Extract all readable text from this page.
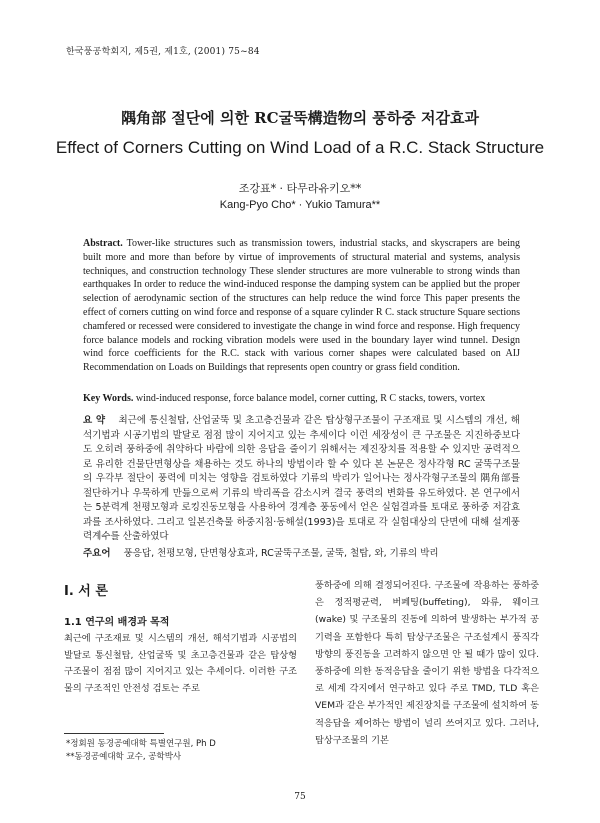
한국풍공학회지, 제5권, 제1호, (2001) 75~84
隅角部 절단에 의한 RC굴뚝構造物의 풍하중 저감효과
Effect of Corners Cutting on Wind Load of a R.C. Stack Structure
조강표* · 타무라유키오**
Kang-Pyo Cho* · Yukio Tamura**
Abstract. Tower-like structures such as transmission towers, industrial stacks, and skyscrapers are being built more and more than before by virtue of improvements of structural material and systems, analysis techniques, and construction technology These slender structures are more vulnerable to strong winds than earthquakes In order to reduce the wind-induced response the damping system can be applied but the proper selection of aerodynamic section of the structures can help reduce the wind force This paper presents the effect of corners cutting on wind force and response of a square cylinder R C. stack structure Square sections chamfered or recessed were considered to investigate the change in wind force and response. High frequency force balance models and rocking vibration models were used in the boundary layer wind tunnel. Design wind force coefficients for the R.C. stack with various corner shapes were calculated based on AIJ Recommendation on Loads on Buildings that represents open country or grass field condition.
Key Words. wind-induced response, force balance model, corner cutting, R C stacks, towers, vortex
요 약 최근에 통신철탑, 산업굴뚝 및 초고층건물과 같은 탑상형구조물이 구조재료 및 시스템의 개선, 해석기법과 시공기법의 발달로 점점 많이 지어지고 있는 추세이다 이런 세장성이 큰 구조물은 지진하중보다도 오히려 풍하중에 취약하다 바람에 의한 응답을 줄이기 위해서는 제진장치를 적용할 수 있지만 공력적으로 유리한 건물단면형상을 채용하는 것도 하나의 방법이라 할 수 있다 본 논문은 정사각형 RC 굴뚝구조물의 우각부 절단이 풍력에 미치는 영향을 검토하였다 기류의 박리가 일어나는 정사각형구조물의 隅角部를 절단하거나 우묵하게 만듦으로써 기류의 박리폭을 감소시켜 결국 풍력의 변화를 유도하였다. 본 연구에서는 5분력계 천평모형과 로킹진동모형을 사용하여 경계층 풍동에서 얻은 실험결과를 토대로 풍하중 저감효과를 조사하였다. 그리고 일본건축물 하중지침·동해설(1993)을 토대로 각 실험대상의 단면에 대해 설계풍력계수를 산출하였다
주요어 풍응답, 천평모형, 단면형상효과, RC굴뚝구조물, 굴뚝, 철탑, 와, 기류의 박리
I. 서 론
1.1 연구의 배경과 목적

최근에 구조재료 및 시스템의 개선, 해석기법과 시공법의 발달로 통신철탑, 산업굴뚝 및 초고층건물과 같은 탑상형구조물이 점점 많이 지어지고 있는 추세이다. 이러한 구조물의 구조적인 안전성 검토는 주로

풍하중에 의해 결정되어진다. 구조물에 작용하는 풍하중은 정적평균력, 버페팅(buffeting), 와류, 웨이크(wake) 및 구조물의 진동에 의하여 발생하는 부가적 공기력을 포함한다 특히 탑상구조물은 구조설계시 풍직각방향의 풍진동을 고려하지 않으면 안 될 때가 많이 있다. 풍하중에 의한 동적응답을 줄이기 위한 방법을 다각적으로 세계 각지에서 연구하고 있다 주로 TMD, TLD 혹은 VEM과 같은 부가적인 제진장치를 구조물에 설치하여 동적응답을 제어하는 방법이 널리 쓰여지고 있다. 그러나, 탑상구조물의 기본

*정회원 동경공예대학 특별연구원, Ph D
**동경공예대학 교수, 공학박사
75
